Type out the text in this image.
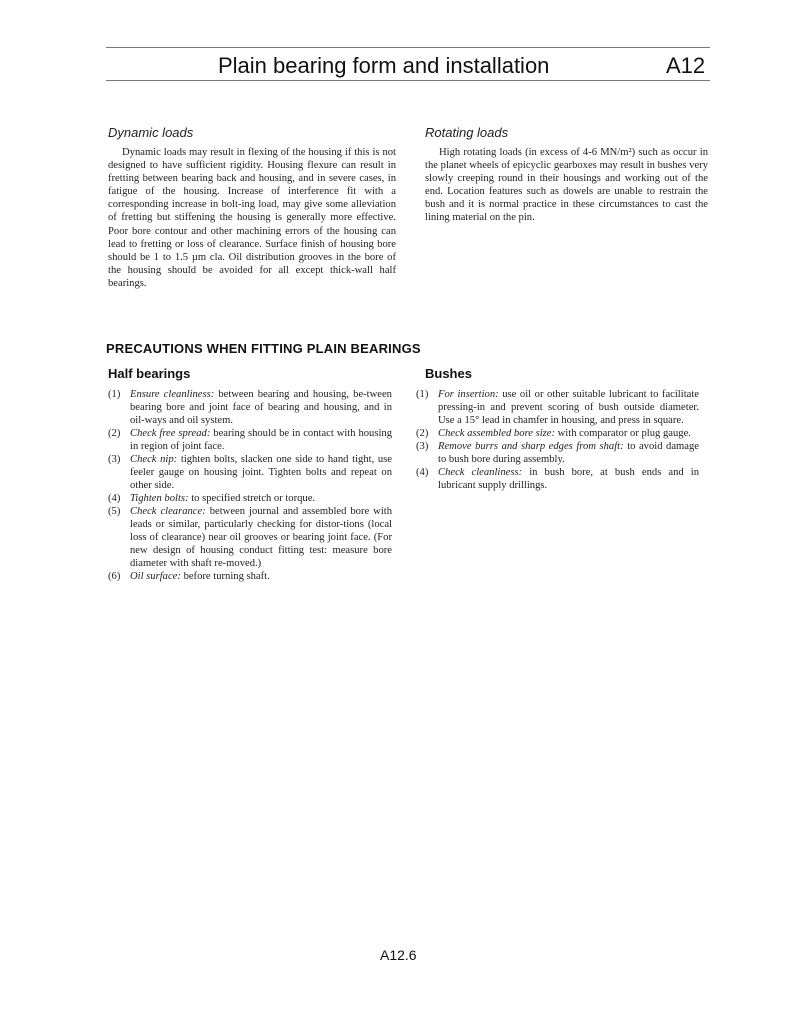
Plain bearing form and installation	A12
Dynamic loads

Dynamic loads may result in flexing of the housing if this is not designed to have sufficient rigidity. Housing flexure can result in fretting between bearing back and housing, and in severe cases, in fatigue of the housing. Increase of interference fit with a corresponding increase in bolt-ing load, may give some alleviation of fretting but stiffening the housing is generally more effective. Poor bore contour and other machining errors of the housing can lead to fretting or loss of clearance. Surface finish of housing bore should be 1 to 1.5 µm cla. Oil distribution grooves in the bore of the housing should be avoided for all except thick-wall half bearings.

Rotating loads

High rotating loads (in excess of 4-6 MN/m²) such as occur in the planet wheels of epicyclic gearboxes may result in bushes very slowly creeping round in their housings and working out of the end. Location features such as dowels are unable to restrain the bush and it is normal practice in these circumstances to cast the lining material on the pin.

PRECAUTIONS WHEN FITTING PLAIN BEARINGS
Half bearings
(1) Ensure cleanliness: between bearing and housing, be-tween bearing bore and joint face of bearing and housing, and in oil-ways and oil system.
(2) Check free spread: bearing should be in contact with housing in region of joint face.
(3) Check nip: tighten bolts, slacken one side to hand tight, use feeler gauge on housing joint. Tighten bolts and repeat on other side.
(4) Tighten bolts: to specified stretch or torque.
(5) Check clearance: between journal and assembled bore with leads or similar, particularly checking for distor-tions (local loss of clearance) near oil grooves or bearing joint face. (For new design of housing conduct fitting test: measure bore diameter with shaft re-moved.)
(6) Oil surface: before turning shaft.
Bushes
(1) For insertion: use oil or other suitable lubricant to facilitate pressing-in and prevent scoring of bush outside diameter. Use a 15° lead in chamfer in housing, and press in square.
(2) Check assembled bore size: with comparator or plug gauge.
(3) Remove burrs and sharp edges from shaft: to avoid damage to bush bore during assembly.
(4) Check cleanliness: in bush bore, at bush ends and in lubricant supply drillings.
A12.6
